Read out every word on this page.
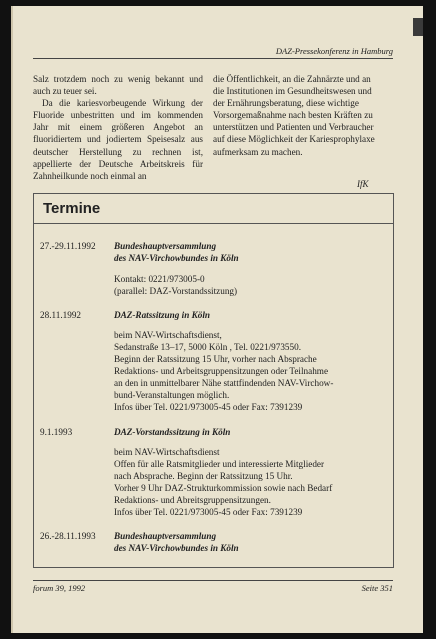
DAZ-Pressekonferenz in Hamburg

Salz trotzdem noch zu wenig bekannt und auch zu teuer sei.

Da die kariesvorbeugende Wirkung der Fluoride unbestritten und im kommenden Jahr mit einem größeren Angebot an fluoridiertem und jodiertem Speisesalz aus deutscher Herstellung zu rechnen ist, appellierte der Deutsche Arbeitskreis für Zahnheilkunde noch einmal an

die Öffentlichkeit, an die Zahnärzte und an die Institutionen im Gesundheitswesen und der Ernährungsberatung, diese wichtige Vorsorgemaßnahme nach besten Kräften zu unterstützen und Patienten und Verbraucher auf diese Möglichkeit der Kariesprophylaxe aufmerksam zu machen.

IfK
Termine
27.-29.11.1992 Bundeshauptversammlung
des NAV-Virchowbundes in Köln
Kontakt: 0221/973005-0
(parallel: DAZ-Vorstandssitzung)
28.11.1992	DAZ-Ratssitzung in Köln
beim NAV-Wirtschaftsdienst,
Sedanstraße 13–17, 5000 Köln , Tel. 0221/973550.
Beginn der Ratssitzung 15 Uhr, vorher nach Absprache
Redaktions- und Arbeitsgruppensitzungen oder Teilnahme
an den in unmittelbarer Nähe stattfindenden NAV-Virchow-
bund-Veranstaltungen möglich.
Infos über Tel. 0221/973005-45 oder Fax: 7391239
9.1.1993	DAZ-Vorstandssitzung in Köln
beim NAV-Wirtschaftsdienst
Offen für alle Ratsmitglieder und interessierte Mitglieder
nach Absprache. Beginn der Ratssitzung 15 Uhr.
Vorher 9 Uhr DAZ-Strukturkommission sowie nach Bedarf
Redaktions- und Abreitsgruppensitzungen.
Infos über Tel. 0221/973005-45 oder Fax: 7391239
26.-28.11.1993 Bundeshauptversammlung
des NAV-Virchowbundes in Köln
forum 39, 1992	Seite 351
